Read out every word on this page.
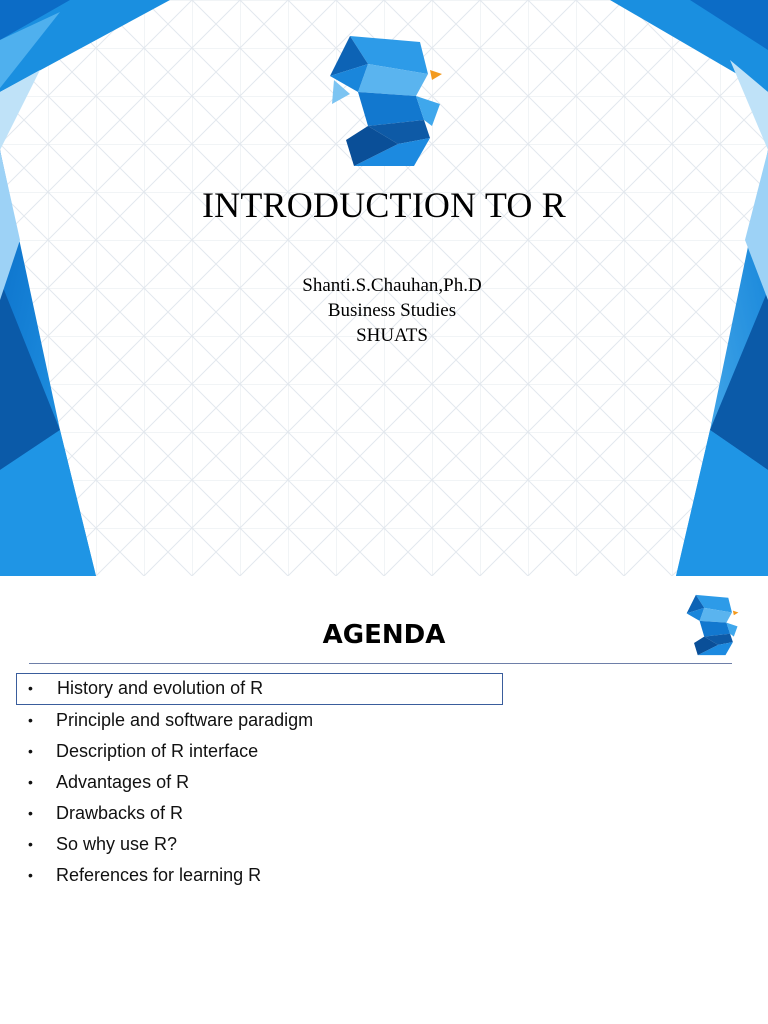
INTRODUCTION TO R
Shanti.S.Chauhan,Ph.D
Business Studies
SHUATS
AGENDA
• History and evolution of R
• Principle and software paradigm
• Description of R interface
• Advantages of R
• Drawbacks of R
• So why use R?
• References for learning R
